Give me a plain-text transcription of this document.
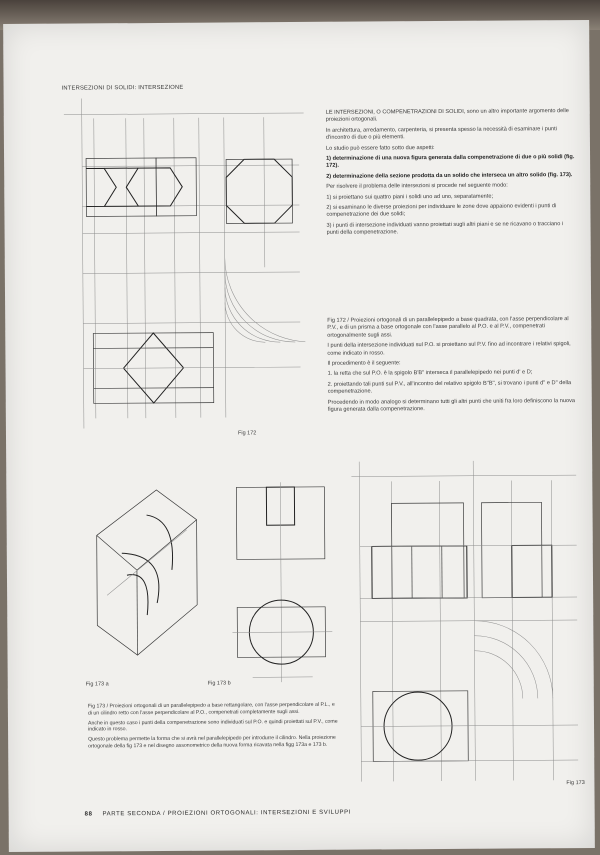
INTERSEZIONI DI SOLIDI: INTERSEZIONE
Fig 172

LE INTERSEZIONI, O COMPENETRAZIONI DI SOLIDI, sono un altro importante argomento delle proiezioni ortogonali.

In architettura, arredamento, carpenteria, si presenta spesso la necessità di esaminare i punti d'incontro di due o più elementi.

Lo studio può essere fatto sotto due aspetti:

1) determinazione di una nuova figura generata dalla compenetrazione di due o più solidi (fig. 172).

2) determinazione della sezione prodotta da un solido che interseca un altro solido (fig. 173).

Per risolvere il problema delle intersezioni si procede nel seguente modo:

1) si proiettano sui quattro piani i solidi uno ad uno, separatamente;

2) si esaminano le diverse proiezioni per individuare le zone dove appaiono evidenti i punti di compenetrazione dei due solidi;

3) i punti di intersezione individuati vanno proiettati sugli altri piani e se ne ricavano o tracciano i punti della compenetrazione.

Fig 172 / Proiezioni ortogonali di un parallelepipedo a base quadrata, con l'asse perpendicolare al P.V., e di un prisma a base ortogonale con l'asse parallelo al P.O. e al P.V., compenetrati ortogonalmente sugli assi.

I punti della intersezione individuati sul P.O. si proiettano sul P.V. fino ad incontrare i relativi spigoli, come indicato in rosso.

Il procedimento è il seguente:

1. la retta che sul P.O. è la spigolo B'B'' interseca il parallelepipedo nei punti d' e D;

2. proiettando tali punti sul P.V., all'incontro del relativo spigolo B''B'', si trovano i punti d'' e D'' della compenetrazione.

Procedendo in modo analogo si determinano tutti gli altri punti che uniti fra loro definiscono la nuova figura generata dalla compenetrazione.

Fig 173 a	Fig 173 b

Fig 173 / Proiezioni ortogonali di un parallelepipedo a base rettangolare, con l'asse perpendicolare al P.L., e di un cilindro retto con l'asse perpendicolare al P.O., compenetrati completamente sugli assi.

Anche in questo caso i punti della compenetrazione sono individuati sul P.O. e quindi proiettati sul P.V., come indicato in rosso.

Questo problema permette la forma che si avrà nel parallelepipedo per introdurre il cilindro. Nella proiezione ortogonale della fig 173 e nel disegno assonometrico della nuova forma ricavata nella figg 173a e 173 b.

Fig 173
88 PARTE SECONDA / PROIEZIONI ORTOGONALI: INTERSEZIONI E SVILUPPI
